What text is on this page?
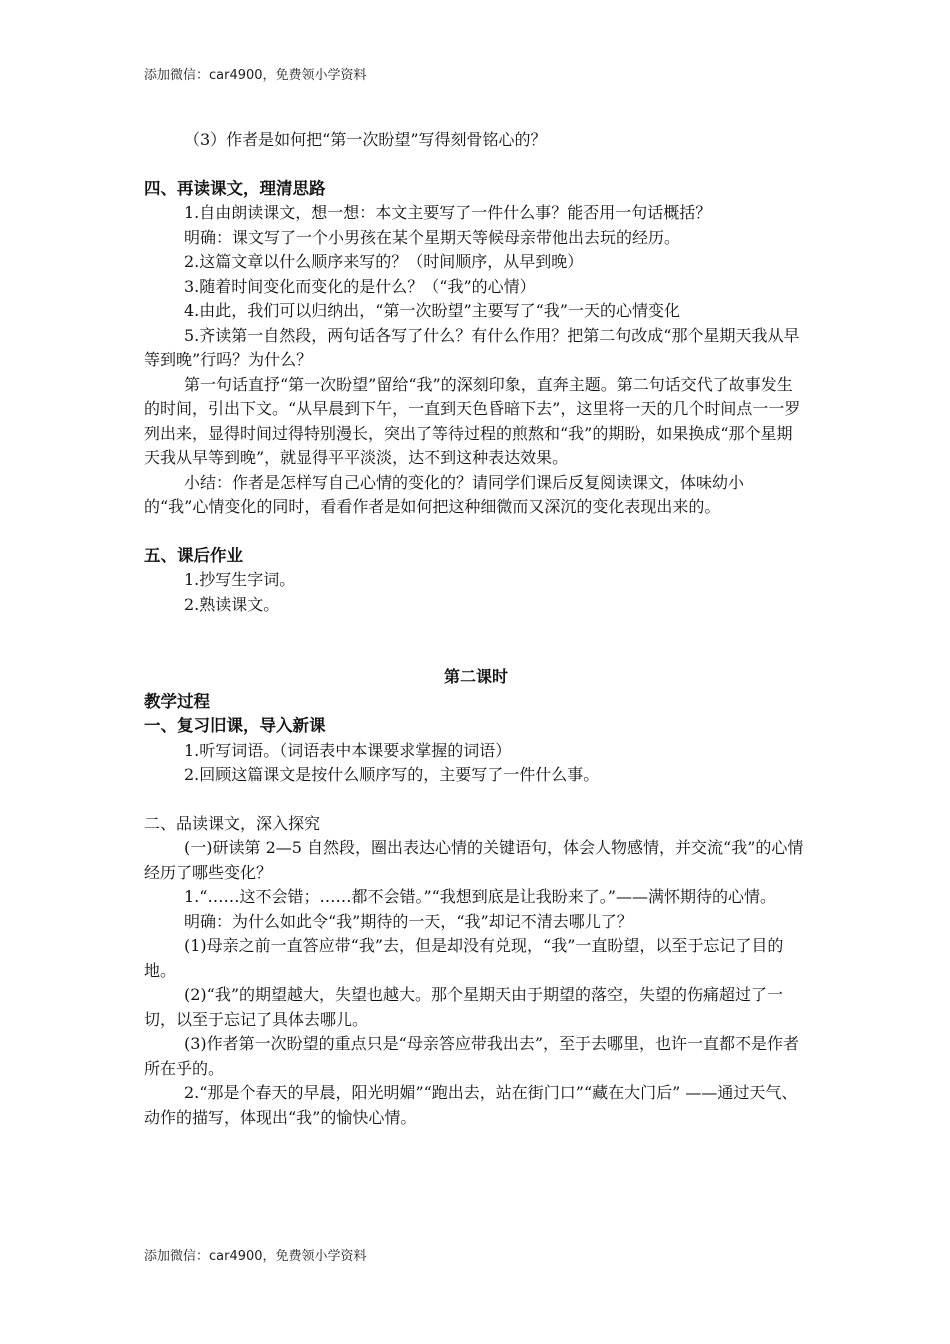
添加微信：car4900，免费领小学资料

（3）作者是如何把“第一次盼望”写得刻骨铭心的？

四、再读课文，理清思路

1.自由朗读课文，想一想：本文主要写了一件什么事？能否用一句话概括？

明确：课文写了一个小男孩在某个星期天等候母亲带他出去玩的经历。

2.这篇文章以什么顺序来写的？（时间顺序，从早到晚）

3.随着时间变化而变化的是什么？（“我”的心情）

4.由此，我们可以归纳出，“第一次盼望”主要写了“我”一天的心情变化

5.齐读第一自然段，两句话各写了什么？有什么作用？把第二句改成“那个星期天我从早等到晚”行吗？为什么？

第一句话直抒“第一次盼望”留给“我”的深刻印象，直奔主题。第二句话交代了故事发生的时间，引出下文。“从早晨到下午，一直到天色昏暗下去”，这里将一天的几个时间点一一罗列出来，显得时间过得特别漫长，突出了等待过程的煎熬和“我”的期盼，如果换成“那个星期天我从早等到晚”，就显得平平淡淡，达不到这种表达效果。

小结：作者是怎样写自己心情的变化的？请同学们课后反复阅读课文，体味幼小的“我”心情变化的同时，看看作者是如何把这种细微而又深沉的变化表现出来的。

五、课后作业

1.抄写生字词。

2.熟读课文。

第二课时

教学过程

一、复习旧课，导入新课

1.听写词语。（词语表中本课要求掌握的词语）

2.回顾这篇课文是按什么顺序写的，主要写了一件什么事。

二、品读课文，深入探究

(一)研读第 2—5 自然段，圈出表达心情的关键语句，体会人物感情，并交流“我”的心情经历了哪些变化？

1.“……这不会错；……都不会错。”“我想到底是让我盼来了。”——满怀期待的心情。

明确：为什么如此令“我”期待的一天，“我”却记不清去哪儿了？

(1)母亲之前一直答应带“我”去，但是却没有兑现，“我”一直盼望，以至于忘记了目的地。

(2)“我”的期望越大，失望也越大。那个星期天由于期望的落空，失望的伤痛超过了一切，以至于忘记了具体去哪儿。

(3)作者第一次盼望的重点只是“母亲答应带我出去”，至于去哪里，也许一直都不是作者所在乎的。

2.“那是个春天的早晨，阳光明媚”“跑出去，站在街门口”“藏在大门后” ——通过天气、动作的描写，体现出“我”的愉快心情。

添加微信：car4900，免费领小学资料
